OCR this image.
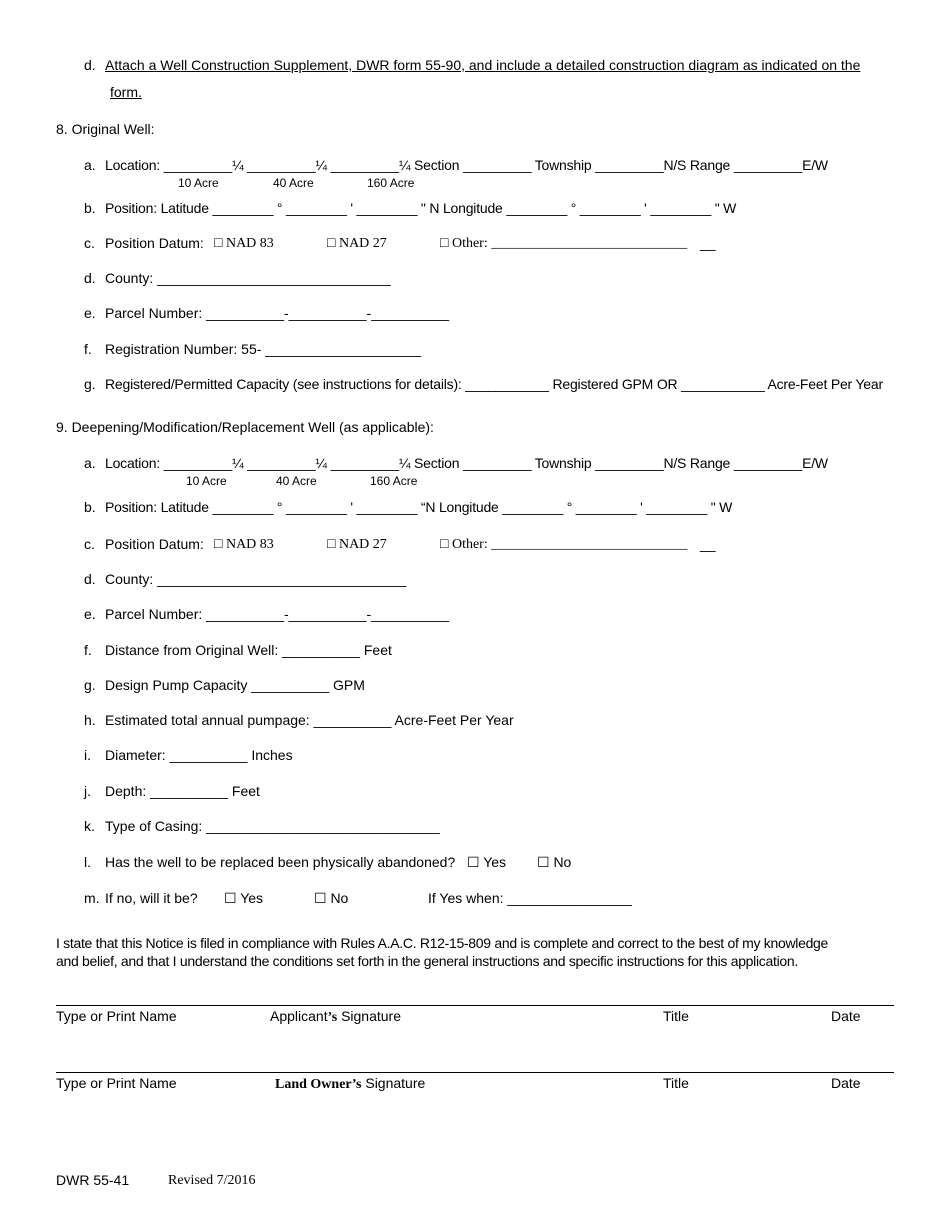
d. Attach a Well Construction Supplement, DWR form 55-90, and include a detailed construction diagram as indicated on the
form.
8. Original Well:
a. Location: _________¼ _________¼ _________¼ Section _________ Township _________N/S Range _________E/W
10 Acre	40 Acre	160 Acre
b. Position: Latitude ________ ° ________ ' ________ " N Longitude ________ ° ________ ' ________ " W
c. Position Datum: □ NAD 83	□ NAD 27	□ Other: ____________________________ __
d. County: ______________________________
e. Parcel Number: __________-__________-__________
f. Registration Number: 55- ____________________
g. Registered/Permitted Capacity (see instructions for details): ___________ Registered GPM OR ___________ Acre-Feet Per Year
9. Deepening/Modification/Replacement Well (as applicable):
a. Location: _________¼ _________¼ _________¼ Section _________ Township _________N/S Range _________E/W
10 Acre	40 Acre	160 Acre
b. Position: Latitude ________ ° ________ ' ________ “N Longitude ________ ° ________ ' ________ " W
c. Position Datum: □ NAD 83	□ NAD 27	□ Other: ____________________________ __
d. County: ________________________________
e. Parcel Number: __________-__________-__________
f. Distance from Original Well: __________ Feet
g. Design Pump Capacity __________ GPM
h. Estimated total annual pumpage: __________ Acre-Feet Per Year
i. Diameter: __________ Inches
j. Depth: __________ Feet
k. Type of Casing: ______________________________
l. Has the well to be replaced been physically abandoned? ☐ Yes ☐ No
m. If no, will it be? ☐ Yes	☐ No	If Yes when: ________________
I state that this Notice is filed in compliance with Rules A.A.C. R12-15-809 and is complete and correct to the best of my knowledge
and belief, and that I understand the conditions set forth in the general instructions and specific instructions for this application.
Type or Print Name	Applicant’s Signature	Title	Date
Type or Print Name	Land Owner’s Signature	Title	Date
DWR 55-41	Revised 7/2016
